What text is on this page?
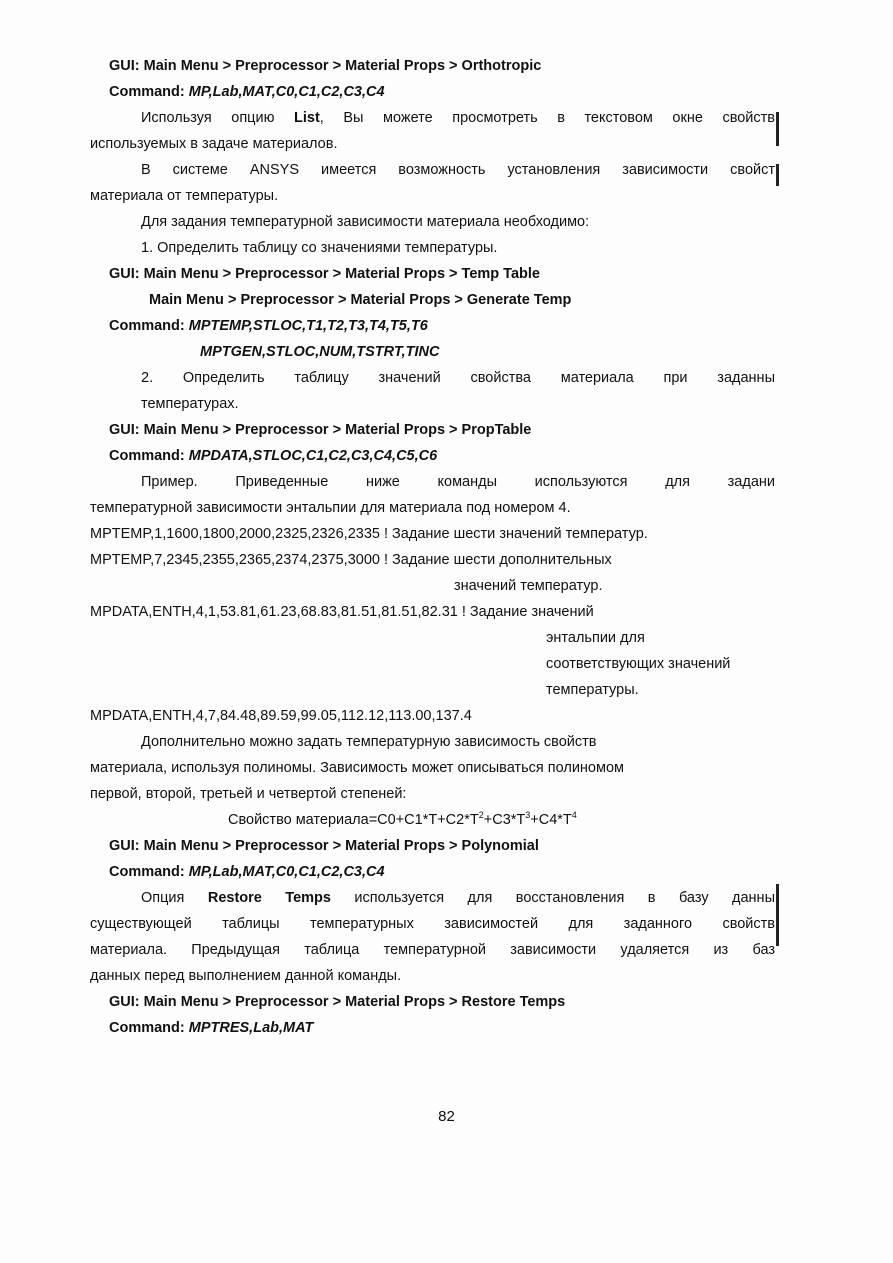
GUI: Main Menu > Preprocessor > Material Props > Orthotropic
Command: MP,Lab,MAT,C0,C1,C2,C3,C4
Используя опцию List, Вы можете просмотреть в текстовом окне свойств
используемых в задаче материалов.
В системе ANSYS имеется возможность установления зависимости свойст
материала от температуры.
Для задания температурной зависимости материала необходимо:
1. Определить таблицу со значениями температуры.
GUI: Main Menu > Preprocessor > Material Props > Temp Table
Main Menu > Preprocessor > Material Props > Generate Temp
Command: MPTEMP,STLOC,T1,T2,T3,T4,T5,T6
MPTGEN,STLOC,NUM,TSTRT,TINC
2. Определить таблицу значений свойства материала при заданны
температурах.
GUI: Main Menu > Preprocessor > Material Props > PropTable
Command: MPDATA,STLOC,C1,C2,C3,C4,C5,C6
Пример. Приведенные ниже команды используются для задани
температурной зависимости энтальпии для материала под номером 4.
MPTEMP,1,1600,1800,2000,2325,2326,2335 ! Задание шести значений температур.
MPTEMP,7,2345,2355,2365,2374,2375,3000 ! Задание шести дополнительных
значений температур.
MPDATA,ENTH,4,1,53.81,61.23,68.83,81.51,81.51,82.31 ! Задание значений
энтальпии для
соответствующих значений
температуры.
MPDATA,ENTH,4,7,84.48,89.59,99.05,112.12,113.00,137.4
Дополнительно можно задать температурную зависимость свойств
материала, используя полиномы. Зависимость может описываться полиномом
первой, второй, третьей и четвертой степеней:
Свойство $материала=C0+C1*T+C2*T^2+C3*T^3+C4*T^4$
GUI: Main Menu > Preprocessor > Material Props > Polynomial
Command: MP,Lab,MAT,C0,C1,C2,C3,C4
Опция Restore Temps используется для восстановления в базу данны
существующей таблицы температурных зависимостей для заданного свойств
материала. Предыдущая таблица температурной зависимости удаляется из баз
данных перед выполнением данной команды.
GUI: Main Menu > Preprocessor > Material Props > Restore Temps
Command: MPTRES,Lab,MAT
82
